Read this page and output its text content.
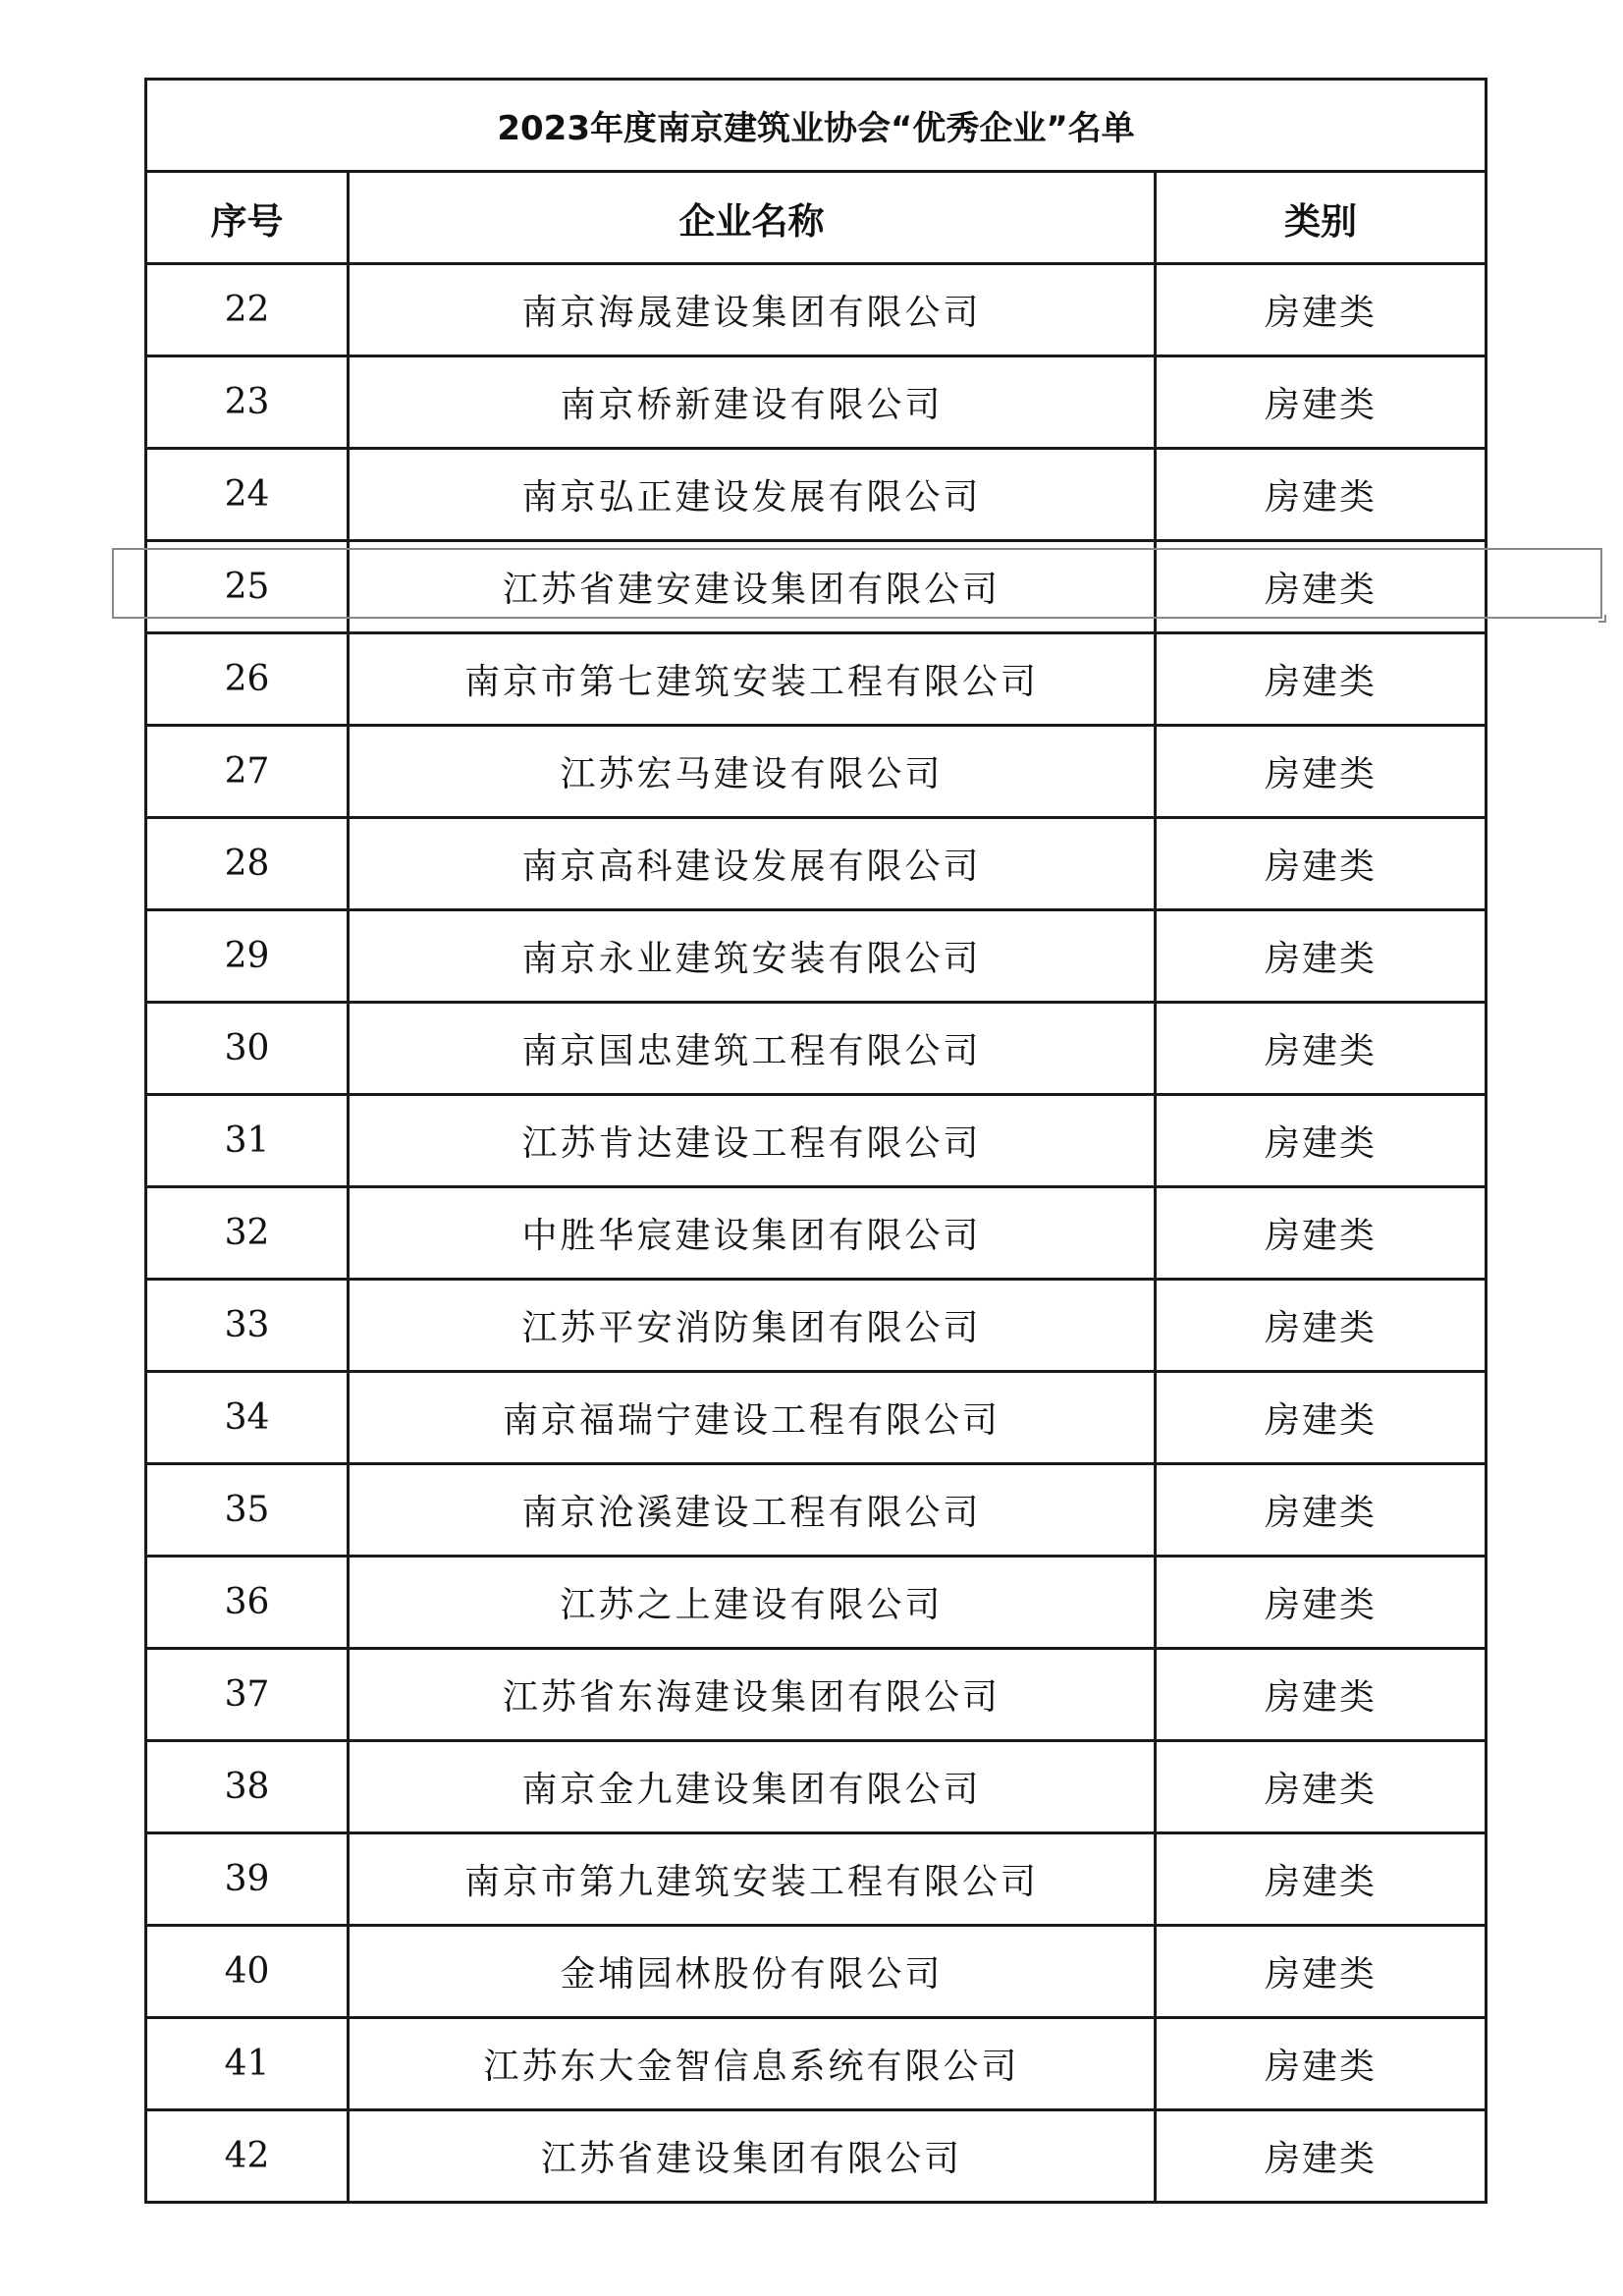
2023年度南京建筑业协会“优秀企业”名单		
序号	企业名称	类别
22	南京海晟建设集团有限公司	房建类
23	南京桥新建设有限公司	房建类
24	南京弘正建设发展有限公司	房建类
25	江苏省建安建设集团有限公司	房建类
26	南京市第七建筑安装工程有限公司	房建类
27	江苏宏马建设有限公司	房建类
28	南京高科建设发展有限公司	房建类
29	南京永业建筑安装有限公司	房建类
30	南京国忠建筑工程有限公司	房建类
31	江苏肯达建设工程有限公司	房建类
32	中胜华宸建设集团有限公司	房建类
33	江苏平安消防集团有限公司	房建类
34	南京福瑞宁建设工程有限公司	房建类
35	南京沧溪建设工程有限公司	房建类
36	江苏之上建设有限公司	房建类
37	江苏省东海建设集团有限公司	房建类
38	南京金九建设集团有限公司	房建类
39	南京市第九建筑安装工程有限公司	房建类
40	金埔园林股份有限公司	房建类
41	江苏东大金智信息系统有限公司	房建类
42	江苏省建设集团有限公司	房建类
